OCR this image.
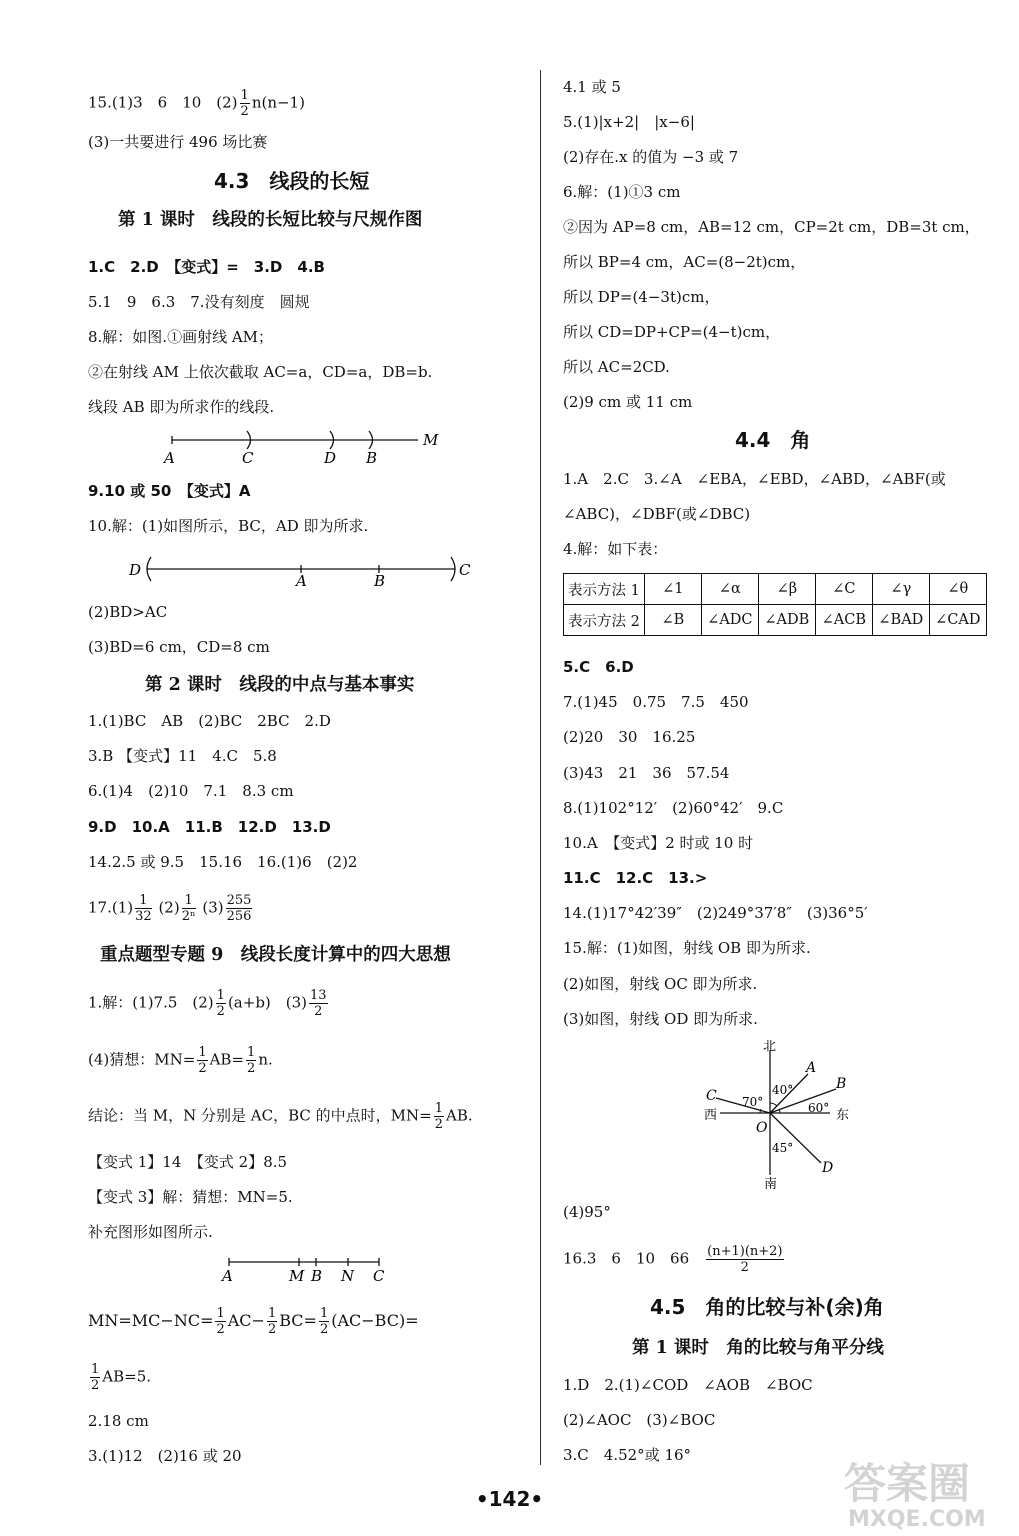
15.(1)3　6　10　$(2) \frac{1}{2} n(n-1)$
(3)一共要进行 496 场比赛
4.3　线段的长短
第 1 课时　线段的长短比较与尺规作图
1.C　2.D　【变式】=　3.D　4.B
5.1　9　6.3　7.没有刻度　圆规
8.解：如图.①画射线 AM；
②在射线 AM 上依次截取 AC=a，CD=a，DB=b.
线段 AB 即为所求作的线段.
A	C	D B
M
9.10 或 50　【变式】A
10.解：(1)如图所示，BC，AD 即为所求.
D
A	B
C
(2)BD>AC
(3)BD=6 cm，CD=8 cm
第 2 课时　线段的中点与基本事实
1.(1)BC　AB　(2)BC　2BC　2.D
3.B 【变式】11　4.C　5.8
6.(1)4　(2)10　7.1　8.3 cm
9.D　10.A　11.B　12.D　13.D
14.2.5 或 9.5　15.16　16.(1)6　(2)2
$17.(1) \frac{1}{32} (2) \frac{1}{\text{2ⁿ}} (3) \frac{255}{256}$
重点题型专题 9　线段长度计算中的四大思想
1.解：(1)7.5　$(2) \frac{1}{2} (a+b)$　$(3) \frac{13}{2}$
(4)猜想：$MN= \frac{1}{2} AB= \frac{1}{2} n$.
结论：当 M，N 分别是 AC，BC 的中点时，$MN= \frac{1}{2}$ AB.
【变式 1】14　【变式 2】8.5
【变式 3】解：猜想：MN=5.
补充图形如图所示.
A	M B N C
$MN=MC-NC= \frac{1}{2} AC- \frac{1}{2} BC= \frac{1}{2} (AC-BC)=$
$\frac{1}{2} AB=5$.
2.18 cm
3.(1)12　(2)16 或 20
4.1 或 5
5.(1)|x+2|　|x−6|
(2)存在.x 的值为 −3 或 7
6.解：(1)①3 cm
②因为 AP=8 cm，AB=12 cm，CP=2t cm，DB=3t cm，
所以 BP=4 cm，AC=(8−2t)cm，
所以 DP=(4−3t)cm，
所以 CD=DP+CP=(4−t)cm，
所以 AC=2CD.
(2)9 cm 或 11 cm
4.4　角
1.A　2.C　3.∠A　∠EBA，∠EBD，∠ABD，∠ABF(或
∠ABC)，∠DBF(或∠DBC)
4.解：如下表：
表示方法 1	∠1	∠α	∠β	∠C	∠γ	∠θ
表示方法 2	∠B	∠ADC	∠ADB	∠ACB	∠BAD	∠CAD
5.C　6.D
7.(1)45　0.75　7.5　450
(2)20　30　16.25
(3)43　21　36　57.54
8.(1)102°12′　(2)60°42′　9.C
10.A　【变式】2 时或 10 时
11.C　12.C　13.>
14.(1)17°42′39″　(2)249°37′8″　(3)36°5′
15.解：(1)如图，射线 OB 即为所求.
(2)如图，射线 OC 即为所求.
(3)如图，射线 OD 即为所求.
北
南
西	东
A
B
C
D
O
40°
70°	60°
45°
(4)95°
16.3　6　10　66　 $\frac{(n+1)(n+2)}{2}$
4.5　角的比较与补(余)角
第 1 课时　角的比较与角平分线
1.D　2.(1)∠COD　∠AOB　∠BOC
(2)∠AOC　(3)∠BOC
3.C　4.52°或 16°
•142•	答案圈
MXQE.COM
